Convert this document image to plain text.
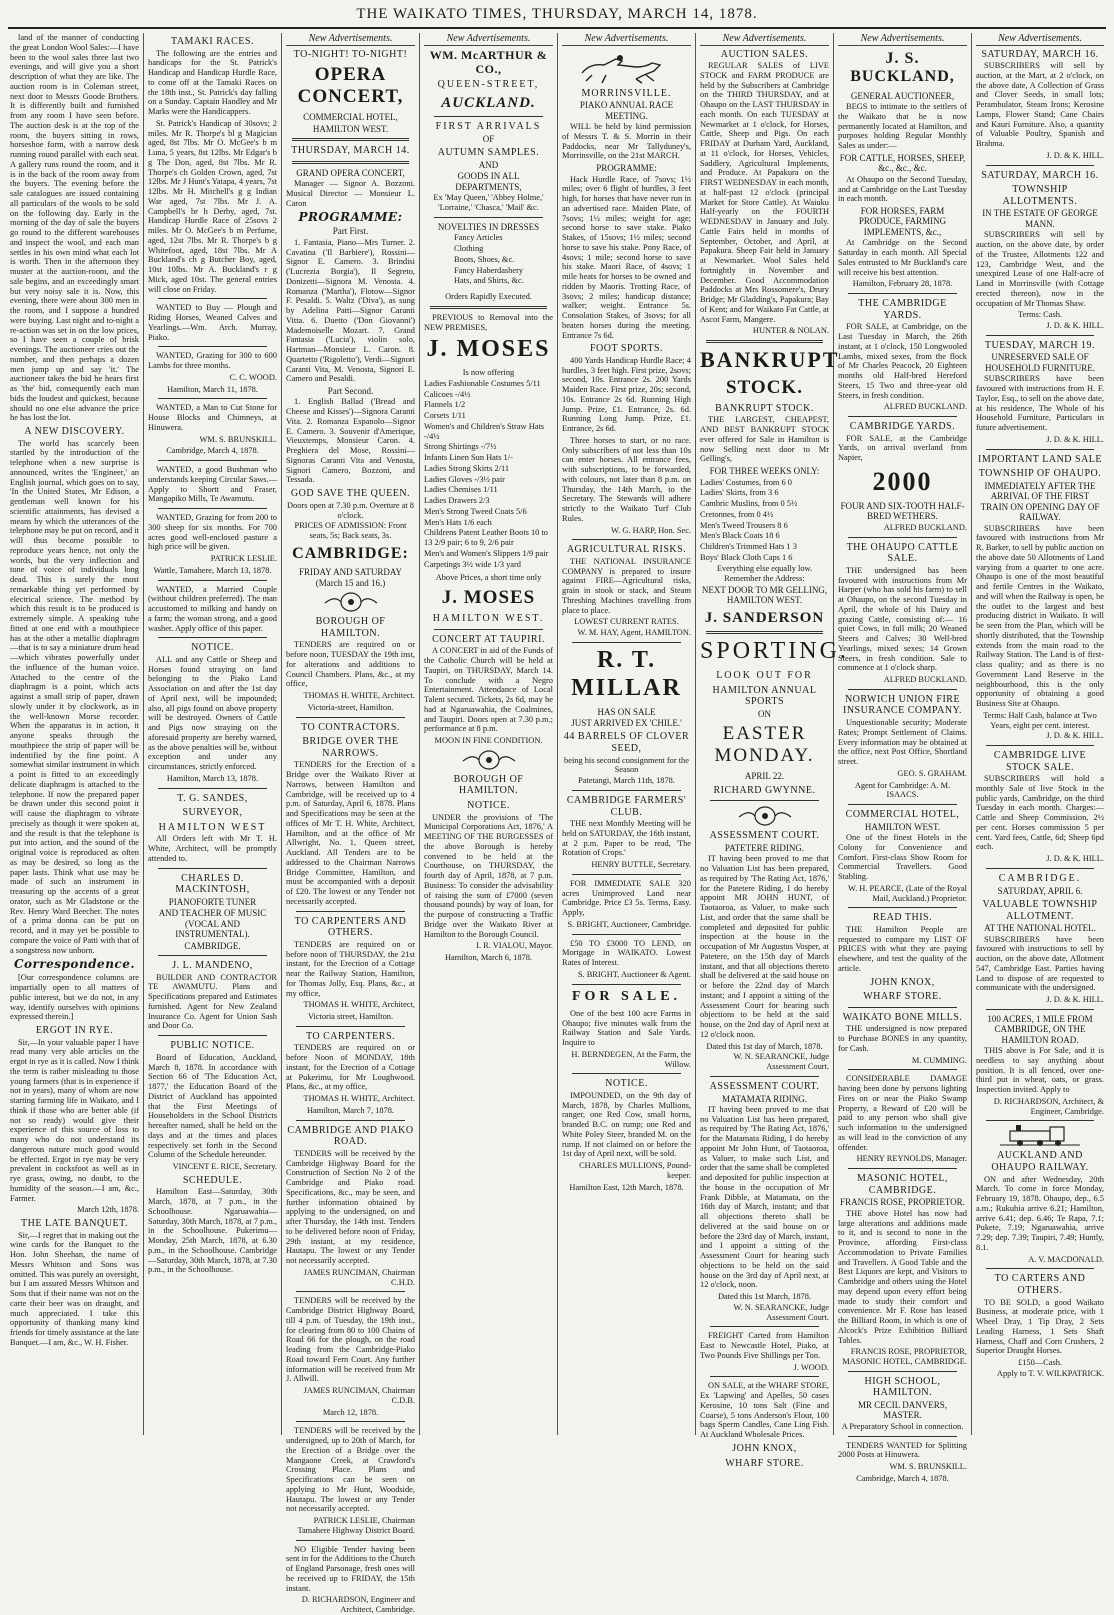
THE WAIKATO TIMES, THURSDAY, MARCH 14, 1878.

land of the manner of conducting the great London Wool Sales:—I have been to the wool sales three last two evenings, and will give you a short description of what they are like. The auction room is in Coleman street, next door to Messrs Goode Brothers. It is differently built and furnished from any room I have seen before. The auction desk is at the top of the room, the buyers sitting in rows, horseshoe form, with a narrow desk running round parallel with each seat. A gallery runs round the room, and it is in the back of the room away from the buyers. The evening before the sale catalogues are issued containing all particulars of the wools to be sold on the following day. Early in the morning of the day of sale the buyers go round to the different warehouses and inspect the wool, and each man settles in his own mind what each lot is worth. Then in the afternoon they muster at the auction-room, and the sale begins, and an exceedingly smart but very noisy sale it is. Now, this evening, there were about 300 men in the room, and I suppose a hundred were buying. Last night and to-night a re-action was set in on the low prices, so I have seen a couple of brisk evenings. The auctioneer cries out the number, and then perhaps a dozen men jump up and say 'it.' The auctioneer takes the bid he hears first as 'the' bid, consequently each man bids the loudest and quickest, because should no one else advance the price he has lost the lot.

A NEW DISCOVERY.

The world has scarcely been startled by the introduction of the telephone when a new surprise is announced, writes the 'Engineer,' an English journal, which goes on to say, 'In the United States, Mr Edison, a gentleman well known for his scientific attainments, has devised a means by which the utterances of the telephone may be put on record, and it will thus become possible to reproduce years hence, not only the words, but the very inflection and tone of voice of individuals long dead. This is surely the most remarkable thing yet performed by electrical science. The method by which this result is to be produced is extremely simple. A speaking tube fitted at one end with a mouthpiece has at the other a metallic diaphragm—that is to say a miniature drum head—which vibrates powerfully under the influence of the human voice. Attached to the centre of the diaphragm is a point, which acts against a small strip of paper, drawn slowly under it by clockwork, as in the well-known Morse recorder. When the apparatus is in action, it anyone speaks through the mouthpiece the strip of paper will be indentified by the fine point. A somewhat similar instrument in which a point is fitted to an exceedingly delicate diaphragm is attached to the telephone. If now the prepared paper be drawn under this second point it will cause the diaphragm to vibrate precisely as though it were spoken at, and the result is that the telephone is put into action, and the sound of the original voice is reproduced as often as may be desired, so long as the paper lasts. Think what use may be made of such an instrument in treasuring up the accents of a great orator, such as Mr Gladstone or the Rev. Henry Ward Beecher. The notes of a prima donna can be put on record, and it may yet be possible to compare the voice of Patti with that of a songstress now unborn.

Correspondence.

[Our correspondence columns are impartially open to all matters of public interest, but we do not, in any way, identify ourselves with opinions expressed therein.]

ERGOT IN RYE.

Sir,—In your valuable paper I have read many very able articles on the ergot in rye as it is called. Now I think the term is rather misleading to those young farmers (that is in experience if not in years), many of whom are now starting farming life in Waikato, and I think if those who are better able (if not so ready) would give their experience of this source of loss to many who do not understand its dangerous nature much good would be effected. Ergot in rye may be very prevalent in cocksfoot as well as in rye grass, owing, no doubt, to the humidity of the season.—I am, &c., Farmer.

March 12th, 1878.
THE LATE BANQUET.

Sir,—I regret that in making out the wine cards for the Banquet to the Hon. John Sheehan, the name of Messrs Whitson and Sons was omitted. This was purely an oversight, but I am assured Messrs Whitson and Sons that if their name was not on the carte their beer was on draught, and much appreciated. I take this opportunity of thanking many kind friends for timely assistance at the late Banquet.—I am, &c., W. H. Fisher.

TAMAKI RACES.

The following are the entries and handicaps for the St. Patrick's Handicap and Handicap Hurdle Race, to come off at the Tamaki Races on the 18th inst., St. Patrick's day falling on a Sunday. Captain Handley and Mr Marks were the Handicappers.

St. Patrick's Handicap of 30sovs; 2 miles. Mr R. Thorpe's bl g Magician aged, 8st 7lbs. Mr O. McGee's b m Luna, 5 years, 8st 12lbs. Mr Edgar's b g The Don, aged, 8st 7lbs. Mr R. Thorpe's ch Golden Crown, aged, 7st 12lbs. Mr J Hunt's Yatapa, 4 years, 7st 12lbs. Mr H. Mitchell's g g Indian War aged, 7st 7lbs. Mr J. A. Campbell's br h Derby, aged, 7st. Handicap Hurdle Race of 25sovs 2 miles. Mr O. McGee's b m Perfume, aged, 12st 7lbs. Mr R. Thorpe's b g Whitefoot, aged, 18st 7lbs. Mr A Buckland's ch g Butcher Boy, aged, 10st 10lbs. Mr A. Buckland's r g Mick, aged 10st. The general entries will close on Friday.

WANTED to Buy — Plough and Riding Horses, Weaned Calves and Yearlings.—Wm. Arch. Murray, Piako.

WANTED, Grazing for 300 to 600 Lambs for three months.

C. C. WOOD.
Hamilton, March 11, 1878.

WANTED, a Man to Cut Stone for House Blocks and Chimneys, at Hinuwera.

WM. S. BRUNSKILL.
Cambridge, March 4, 1878.

WANTED, a good Bushman who understands keeping Circular Saws.—Apply to Shortt and Fraser, Mangapiko Mills, Te Awamutu.

WANTED, Grazing for from 200 to 300 sheep for six months. For 700 acres good well-enclosed pasture a high price will be given.

PATRICK LESLIE.
Wattle, Tamahere, March 13, 1878.

WANTED, a Married Couple (without children preferred). The man accustomed to milking and handy on a farm; the woman strong, and a good washer. Apply office of this paper.

NOTICE.

ALL and any Cattle or Sheep and Horses found straying on land belonging to the Piako Land Association on and after the 1st day of April next, will be impounded; also, all pigs found on above property will be destroyed. Owners of Cattle and Pigs now straying on the aforesaid property are hereby warned, as the above penalties will be, without exception and under any circumstances, strictly enforced.

Hamilton, March 13, 1878.
T. G. SANDES,
SURVEYOR,
HAMILTON WEST

All Orders left with Mr T. H. White, Architect, will be promptly attended to.

CHARLES D. MACKINTOSH,
PIANOFORTE TUNER
AND TEACHER OF MUSIC (VOCAL AND INSTRUMENTAL).
CAMBRIDGE.
J. L. MANDENO,

BUILDER AND CONTRACTOR TE AWAMUTU. Plans and Specifications prepared and Estimates furnished. Agent for New Zealand Insurance Co. Agent for Union Sash and Door Co.

PUBLIC NOTICE.

Board of Education, Auckland, March 8, 1878. In accordance with Section 66 of 'The Education Act, 1877,' the Education Board of the District of Auckland has appointed that the First Meetings of Householders in the School Districts hereafter named, shall be held on the days and at the times and places respectively set forth in the Second Column of the Schedule hereunder.

VINCENT E. RICE, Secretary.
SCHEDULE.

Hamilton East—Saturday, 30th March, 1878, at 7 p.m., in the Schoolhouse. Ngaruawahia—Saturday, 30th March, 1878, at 7 p.m., in the Schoolhouse. Pukerimu—Monday, 25th March, 1878, at 6.30 p.m., in the Schoolhouse. Cambridge—Saturday, 30th March, 1878, at 7.30 p.m., in the Schoolhouse.

New Advertisements.
TO-NIGHT! TO-NIGHT!
OPERA CONCERT,
COMMERCIAL HOTEL,
HAMILTON WEST.
THURSDAY, MARCH 14.
GRAND OPERA CONCERT,

Manager — Signor A. Bozzoni. Musical Director — Monsieur L. Caron

PROGRAMME:
Part First.

1. Fantasia, Piano—Mrs Turner. 2. Cavatina ('Il Barbiere'), Rossini—Signor E. Camero. 3. Brindisi ('Lucrezia Borgia'), Il Segreto, Donizetti—Signora M. Venosta. 4. Romanza ('Martha'), Flotow—Signor F. Pesaldi. 5. Waltz ('Diva'), as sung by Adelina Patti—Signor Caranti Vitta. 6. Duetto ('Don Giovanni') Mademoiselle Mozart. 7. Grand Fantasia ('Lucia'), violin solo, Hartman—Monsieur L. Caron. 8. Quartetto ('Rigoletto'), Verdi—Signori Caranti Vita, M. Venosta, Signori E. Camero and Pesaldi.

Part Second.

1. English Ballad ('Bread and Cheese and Kisses')—Signora Caranti Vita. 2. Romanza Espanolo—Signor E. Camero. 3. Souvenir d'Amerique, Vieuxtemps, Monsieur Caron. 4. Preghiera del Mose, Rossini—Signoras Caranti Vita and Venosta, Signori Camero, Bozzoni, and Tessada.

GOD SAVE THE QUEEN.
Doors open at 7.30 p.m. Overture at 8 o'clock.
PRICES OF ADMISSION: Front seats, 5s; Back seats, 3s.
CAMBRIDGE:
FRIDAY AND SATURDAY (March 15 and 16.)
BOROUGH OF HAMILTON.

TENDERS are required on or before noon, TUESDAY the 19th inst, for alterations and additions to Council Chambers. Plans, &c., at my office,

THOMAS H. WHITE, Architect.
Victoria-street, Hamilton.
TO CONTRACTORS.
BRIDGE OVER THE NARROWS.

TENDERS for the Erection of a Bridge over the Waikato River at Narrows, between Hamilton and Cambridge, will be received up to 4 p.m. of Saturday, April 6, 1878. Plans and Specifications may be seen at the offices of Mr T. H. White, Architect, Hamilton, and at the office of Mr Allwright, No. 1, Queen street, Auckland. All Tenders are to be addressed to the Chairman Narrows Bridge Committee, Hamilton, and must be accompanied with a deposit of £20. The lowest or any Tender not necessarily accepted.

TO CARPENTERS AND OTHERS.

TENDERS are required on or before noon of THURSDAY, the 21st instant, for the Erection of a Cottage near the Railway Station, Hamilton, for Thomas Jolly, Esq. Plans, &c., at my office,

THOMAS H. WHITE, Architect,
Victoria street, Hamilton.
TO CARPENTERS.

TENDERS are required on or before Noon of MONDAY, 18th instant, for the Erection of a Cottage at Pukerimu, for Mr Loughwood. Plans, &c., at my office,

THOMAS H. WHITE, Architect.
Hamilton, March 7, 1878.
CAMBRIDGE AND PIAKO ROAD.

TENDERS will be received by the Cambridge Highway Board for the Construction of Section No 2 of the Cambridge and Piako road. Specifications, &c., may be seen, and further information obtained by applying to the undersigned, on and after Thursday, the 14th inst. Tenders to be delivered before noon of Friday, 29th instant, at my residence, Hautapu. The lowest or any Tender not necessarily accepted.

JAMES RUNCIMAN, Chairman C.H.D.

TENDERS will be received by the Cambridge District Highway Board, till 4 p.m. of Tuesday, the 19th inst., for clearing from 80 to 100 Chains of Road 66 for the plough, on the road leading from the Cambridge-Piako Road toward Fern Court. Any further information will be received from Mr J. Allwill.

JAMES RUNCIMAN, Chairman C.D.B.
March 12, 1878.

TENDERS will be received by the undersigned, up to 20th of March, for the Erection of a Bridge over the Mangaone Creek, at Crawford's Crossing Place. Plans and Specifications can be seen on applying to Mr Hunt, Woodside, Hautapu. The lowest or any Tender not necessarily accepted.

PATRICK LESLIE, Chairman Tamahere Highway District Board.

NO Eligible Tender having been sent in for the Additions to the Church of England Parsonage, fresh ones will be received up to FRIDAY, the 15th instant.

D. RICHARDSON, Engineer and Architect, Cambridge.
New Advertisements.
WM. McARTHUR & CO.,
QUEEN-STREET,
AUCKLAND.
FIRST ARRIVALS
OF
AUTUMN SAMPLES.
AND
GOODS IN ALL DEPARTMENTS,
Ex 'May Queen,' 'Abbey Holme,' 'Lorraine,' 'Chasca,' 'Mail' &c.
NOVELTIES IN DRESSES
Fancy Articles
Clothing
Boots, Shoes, &c.
Fancy Haberdashery
Hats, and Shirts, &c.
Orders Rapidly Executed.

PREVIOUS to Removal into the NEW PREMISES,

J. MOSES
Is now offering
Ladies Fashionable Costumes 5/11
Calicoes -/4½
Flannels 1/2
Corsets 1/11
Women's and Children's Straw Hats -/4½
Strong Shirtings -/7½
Infants Linen Sun Hats 1/-
Ladies Strong Skirts 2/11
Ladies Gloves -/3½ pair
Ladies Chemises 1/11
Ladies Drawers 2/3
Men's Strong Tweed Coats 5/6
Men's Hats 1/6 each
Childrens Patent Leather Boots 10 to 13 2/9 pair; 6 to 9, 2/6 pair
Men's and Women's Slippers 1/9 pair
Carpetings 3½ wide 1/3 yard
Above Prices, a short time only
J. MOSES
HAMILTON WEST.
CONCERT AT TAUPIRI.

A CONCERT in aid of the Funds of the Catholic Church will be held at Taupiri, on THURSDAY, March 14. To conclude with a Negro Entertainment. Attendance of Local Talent secured. Tickets, 2s 6d, may be had at Ngaruawahia, the Coalmines, and Taupiri. Doors open at 7.30 p.m.; performance at 8 p.m.

MOON IN FINE CONDITION.
BOROUGH OF HAMILTON.
NOTICE.

UNDER the provisions of 'The Municipal Corporations Act, 1876,' A MEETING OF THE BURGESSES of the above Borough is hereby convened to be held at the Courthouse, on THURSDAY, the fourth day of April, 1878, at 7 p.m. Business: To consider the advisability of raising the sum of £7000 (seven thousand pounds) by way of loan, for the purpose of constructing a Traffic Bridge over the Waikato River at Hamilton to the Borough Council.

I. R. VIALOU, Mayor.
Hamilton, March 6, 1878.
New Advertisements.
MORRINSVILLE.
PIAKO ANNUAL RACE MEETING.

WILL be held by kind permission of Messrs T. & S. Morrin in their Paddocks, near Mr Tallyduney's, Morrinsville, on the 21st MARCH.

PROGRAMME:

Hack Hurdle Race, of 7sovs; 1½ miles; over 6 flight of hurdles, 3 feet high, for horses that have never run in an advertised race. Maiden Plate, of 7sovs; 1½ miles; weight for age; second horse to save stake. Piako Stakes, of 15sovs; 1½ miles; second horse to save his stake. Pony Race, of 4sovs; 1 mile; second horse to save his stake. Maori Race, of 4sovs; 1 mile heats for horses to be owned and ridden by Maoris. Trotting Race, of 3sovs; 2 miles; handicap distance; walker; weight. Entrance 5s. Consolation Stakes, of 3sovs; for all beaten horses during the meeting. Entrance 7s 6d.

FOOT SPORTS.

400 Yards Handicap Hurdle Race; 4 hurdles, 3 feet high. First prize, 2sovs; second, 10s. Entrance 2s. 200 Yards Maiden Race. First prize, 20s; second, 10s. Entrance 2s 6d. Running High Jump. Prize, £1. Entrance, 2s. 6d. Running Long Jump. Prize, £1. Entrance, 2s 6d.

Three horses to start, or no race. Only subscribers of not less than 10s can enter horses. All entrance fees, with subscriptions, to be forwarded, with colours, not later than 8 p.m. on Thursday, the 14th March, to the Secretary. The Stewards will adhere strictly to the Waikato Turf Club Rules.

W. G. HARP, Hon. Sec.
AGRICULTURAL RISKS.

THE NATIONAL INSURANCE COMPANY is prepared to insure against FIRE—Agricultural risks, grain in stook or stack, and Steam Threshing Machines travelling from place to place.

LOWEST CURRENT RATES.
W. M. HAY, Agent, HAMILTON.
R. T. MILLAR
HAS ON SALE
JUST ARRIVED EX 'CHILE.'
44 BARRELS OF CLOVER SEED,
being his second consignment for the Season
Patetangi, March 11th, 1878.
CAMBRIDGE FARMERS' CLUB.

THE next Monthly Meeting will be held on SATURDAY, the 16th instant, at 2 p.m. Paper to be read, 'The Rotation of Crops.'

HENRY BUTTLE, Secretary.

FOR IMMEDIATE SALE 320 acres Unimproved Land near Cambridge. Price £3 5s. Terms, Easy. Apply,

S. BRIGHT, Auctioneer, Cambridge.

£50 TO £3000 TO LEND, on Mortgage in WAIKATO. Lowest Rates of Interest.

S. BRIGHT, Auctioneer & Agent.
FOR SALE.

One of the best 100 acre Farms in Ohaupo; five minutes walk from the Railway Station and Sale Yards. Inquire to

H. BERNDEGEN, At the Farm, the Willow.
NOTICE.

IMPOUNDED, on the 9th day of March, 1878, by Charles Mullions, ranger, one Red Cow, small horns, branded B.C. on rump; one Red and White Poley Steer, branded M. on the rump. If not claimed on or before the 1st day of April next, will be sold.

CHARLES MULLIONS, Pound-keeper.
Hamilton East, 12th March, 1878.
New Advertisements.
AUCTION SALES.

REGULAR SALES of LIVE STOCK and FARM PRODUCE are held by the Subscribers at Cambridge on the THIRD THURSDAY, and at Ohaupo on the LAST THURSDAY in each month. On each TUESDAY at Newmarket at 1 o'clock, for Horses, Cattle, Sheep and Pigs. On each FRIDAY at Durham Yard, Auckland, at 11 o'clock, for Horses, Vehicles, Saddlery, Agricultural Implements, and Produce. At Papakura on the FIRST WEDNESDAY in each month, at half-past 12 o'clock (principal Market for Store Cattle). At Waiuku Half-yearly on the FOURTH WEDNESDAY in January and July. Cattle Fairs held in months of September, October, and April, at Papakura. Sheep Fair held in January at Newmarket. Wool Sales held fortnightly in November and December. Good Accommodation Paddocks at Mrs Rossomere's, Drury Bridge; Mr Gladding's, Papakura; Bay of Kent; and for Waikato Fat Cattle, at Ascot Farm, Mangere.

HUNTER & NOLAN.
BANKRUPT
STOCK.
BANKRUPT STOCK.

THE LARGEST, CHEAPEST, AND BEST BANKRUPT STOCK ever offered for Sale in Hamilton is now Selling next door to Mr Gelling's,

FOR THREE WEEKS ONLY:
Ladies' Costumes, from 6 0
Ladies' Skirts, from 3 6
Cambric Muslins, from 0 5½
Cretonnes, from 0 4½
Men's Tweed Trousers 8 6
Men's Black Coats 18 6
Children's Trimmed Hats 1 3
Boys' Black Cloth Caps 1 6
Everything else equally low.
Remember the Address:
NEXT DOOR TO MR GELLING, HAMILTON WEST.
J. SANDERSON
SPORTING.
LOOK OUT FOR
HAMILTON ANNUAL SPORTS
ON
EASTER MONDAY.
APRIL 22.
RICHARD GWYNNE.
ASSESSMENT COURT.
PATETERE RIDING.

IT having been proved to me that no Valuation List has been prepared, as required by 'The Rating Act, 1876,' for the Patetere Riding, I do hereby appoint MR JOHN HUNT, of Taotaoroa, as Valuer, to make such List, and order that the same shall be completed and deposited for public inspection at the house in the occupation of Mr Augustus Vosper, at Patetere, on the 15th day of March instant, and that all objections thereto shall be delivered at the said house on or before the 22nd day of March instant; and I appoint a sitting of the Assessment Court for hearing such objections to be held at the said house, on the 2nd day of April next at 12 o'clock noon.

Dated this 1st day of March, 1878.
W. N. SEARANCKE, Judge Assessment Court.
ASSESSMENT COURT.
MATAMATA RIDING.

IT having been proved to me that no Valuation List has been prepared, as required by 'The Rating Act, 1876,' for the Matamata Riding, I do hereby appoint Mr John Hunt, of Taotaoroa, as Valuer, to make such List, and order that the same shall be completed and deposited for public inspection at the house in the occupation of Mr Frank Dibble, at Matamata, on the 16th day of March, instant; and that all objections thereto shall be delivered at the said house on or before the 23rd day of March, instant, and I appoint a sitting of the Assessment Court for hearing such objections to be held on the said house on the 3rd day of April next, at 12 o'clock, noon.

Dated this 1st March, 1878.
W. N. SEARANCKE, Judge Assessment Court.

FREIGHT Carted from Hamilton East to Newcastle Hotel, Piako, at Two Pounds Five Shillings per Ton.

J. WOOD.

ON SALE, at the WHARF STORE, Ex 'Lapwing' and Apelles, 50 cases Kerosine, 10 tons Salt (Fine and Coarse), 5 tons Anderson's Flour, 100 bags Sperm Candles, Cane Ling Fish. At Auckland Wholesale Prices.

JOHN KNOX,
WHARF STORE.
New Advertisements.
J. S. BUCKLAND,
GENERAL AUCTIONEER,

BEGS to intimate to the settlers of the Waikato that he is now permanently located at Hamilton, and purposes holding Regular Monthly Sales as under:—

FOR CATTLE, HORSES, SHEEP, &c., &c., &c.

At Ohaupo on the Second Tuesday, and at Cambridge on the Last Tuesday in each month.

FOR HORSES, FARM PRODUCE, FARMING IMPLEMENTS, &c.,

At Cambridge on the Second Saturday in each month. All Special Sales entrusted to Mr Buckland's care will receive his best attention.

Hamilton, February 28, 1878.
THE CAMBRIDGE YARDS.

FOR SALE, at Cambridge, on the Last Tuesday in March, the 26th instant, at 1 o'clock, 150 Longwooled Lambs, mixed sexes, from the flock of Mr Charles Peacock, 20 Eighteen months old Half-bred Hereford Steers, 15 Two and three-year old Steers, in fresh condition.

ALFRED BUCKLAND.
CAMBRIDGE YARDS.

FOR SALE, at the Cambridge Yards, on arrival overland from Napier,

2000
FOUR AND SIX-TOOTH HALF-BRED WETHERS.
ALFRED BUCKLAND.
THE OHAUPO CATTLE SALE.

THE undersigned has been favoured with instructions from Mr Harper (who has sold his farm) to sell at Ohaupo, on the second Tuesday in April, the whole of his Dairy and grazing Cattle, consisting of:— 16 quiet Cows, in full milk; 20 Weaned Steers and Calves; 30 Well-bred Yearlings, mixed sexes; 14 Grown Steers, in fresh condition. Sale to commence at 1 o'clock sharp.

ALFRED BUCKLAND.
NORWICH UNION FIRE INSURANCE COMPANY.

Unquestionable security; Moderate Rates; Prompt Settlement of Claims. Every information may be obtained at the office, next Post Office, Shortland street.

GEO. S. GRAHAM.
Agent for Cambridge: A. M. ISAACS.
COMMERCIAL HOTEL,
HAMILTON WEST.

One of the finest Hotels in the Colony for Convenience and Comfort. First-class Show Room for Commercial Travellers. Good Stabling.

W. H. PEARCE, (Late of the Royal Mail, Auckland.) Proprietor.
READ THIS.

THE Hamilton People are requested to compare my LIST OF PRICES with what they are paying elsewhere, and test the quality of the article.

JOHN KNOX,
WHARF STORE.
WAIKATO BONE MILLS.

THE undersigned is now prepared to Purchase BONES in any quantity, for Cash.

M. CUMMING.

CONSIDERABLE DAMAGE having been done by persons lighting Fires on or near the Piako Swamp Property, a Reward of £20 will be paid to any person who shall give such information to the undersigned as will lead to the conviction of any offender.

HENRY REYNOLDS, Manager.
MASONIC HOTEL, CAMBRIDGE.
FRANCIS ROSE, PROPRIETOR.

THE above Hotel has now had large alterations and additions made to it, and is second to none in the Province, affording First-class Accommodation to Private Families and Travellers. A Good Table and the Best Liquors are kept, and Visitors to Cambridge and others using the Hotel may depend upon every effort being made to study their comfort and convenience. Mr F. Rose has leased the Billiard Room, in which is one of Alcock's Prize Exhibition Billiard Tables.

FRANCIS ROSE, PROPRIETOR, MASONIC HOTEL, CAMBRIDGE.
HIGH SCHOOL, HAMILTON.
MR CECIL DANVERS, MASTER.
A Preparatory School in connection.

TENDERS WANTED for Splitting 2000 Posts at Hinuwera.

WM. S. BRUNSKILL.
Cambridge, March 4, 1878.
New Advertisements.
SATURDAY, MARCH 16.

SUBSCRIBERS will sell by auction, at the Mart, at 2 o'clock, on the above date, A Collection of Grass and Clover Seeds, in small lots; Perambulator, Steam Irons; Kerosine Lamps, Flower Stand; Cane Chairs and Kauri Furniture. Also, a quantity of Valuable Poultry, Spanish and Brahma.

J. D. & K. HILL.
SATURDAY, MARCH 16.
TOWNSHIP ALLOTMENTS.
IN THE ESTATE OF GEORGE MANN.

SUBSCRIBERS will sell by auction, on the above date, by order of the Trustee, Allotments 122 and 123, Cambridge West, and the unexpired Lease of one Half-acre of Land in Morrinsville (with Cottage erected thereon), now in the occupation of Mr Thomas Shaw.

Terms: Cash.
J. D. & K. HILL.
TUESDAY, MARCH 19.
UNRESERVED SALE OF HOUSEHOLD FURNITURE.

SUBSCRIBERS have been favoured with instructions from H. F. Taylor, Esq., to sell on the above date, at his residence, The Whole of his Household Furniture, Particulars in future advertisement.

J. D. & K. HILL.
IMPORTANT LAND SALE
TOWNSHIP OF OHAUPO.
IMMEDIATELY AFTER THE ARRIVAL OF THE FIRST TRAIN ON OPENING DAY OF RAILWAY.

SUBSCRIBERS have been favoured with instructions from Mr R. Barker, to sell by public auction on the above date 50 Allotments of Land varying from a quarter to one acre. Ohaupo is one of the most beautiful and fertile Centres in the Waikato, and will when the Railway is open, be the outlet to the largest and best producing district in Waikato. It will be seen from the Plan, which will be shortly distributed, that the Township extends from the main road to the Railway Station. The Land is of first-class quality; and as there is no Government Land Reserve in the neighbourhood, this is the only opportunity of obtaining a good Business Site at Ohaupo.

Terms: Half Cash, balance at Two Years, eight per cent. interest.
J. D. & K. HILL.
CAMBRIDGE LIVE STOCK SALE.

SUBSCRIBERS will hold a monthly Sale of live Stock in the public yards, Cambridge, on the third Tuesday in each month. Charges:—Cattle and Sheep Commission, 2½ per cent. Horses commission 5 per cent. Yard fees, Cattle, 6d; Sheep 6pd each.

J. D. & K. HILL.
CAMBRIDGE.
SATURDAY, APRIL 6.
VALUABLE TOWNSHIP ALLOTMENT.
AT THE NATIONAL HOTEL.

SUBSCRIBERS have been favoured with instructions to sell by auction, on the above date, Allotment 547, Cambridge East. Parties having Land to dispose of are requested to communicate with the undersigned.

J. D. & K. HILL.
100 ACRES, 1 MILE FROM CAMBRIDGE, ON THE HAMILTON ROAD.

THIS above is For Sale, and it is needless to say anything about position. It is all fenced, over one-third put in wheat, oats, or grass. Inspection invited. Apply to

D. RICHARDSON, Architect, & Engineer, Cambridge.
AUCKLAND AND OHAUPO RAILWAY.

ON and after Wednesday, 20th March. To come in force Monday, February 19, 1878. Ohaupo, dep., 6.5 a.m.; Rukuhia arrive 6.21; Hamilton, arrive 6.41; dep. 6.46; Te Rapa, 7.1; Pukete, 7.19; Ngaruawahia, arrive 7.29; dep. 7.39; Taupiri, 7.49; Huntly, 8.1.

A. V. MACDONALD.
TO CARTERS AND OTHERS.

TO BE SOLD, a good Waikato Business, at moderate price, with 1 Wheel Dray, 1 Tip Dray, 2 Sets Leading Harness, 1 Sets Shaft Harness, Chaff and Corn Crushers, 2 Superior Draught Horses.

£150—Cash.
Apply to T. V. WILKPATRICK.
